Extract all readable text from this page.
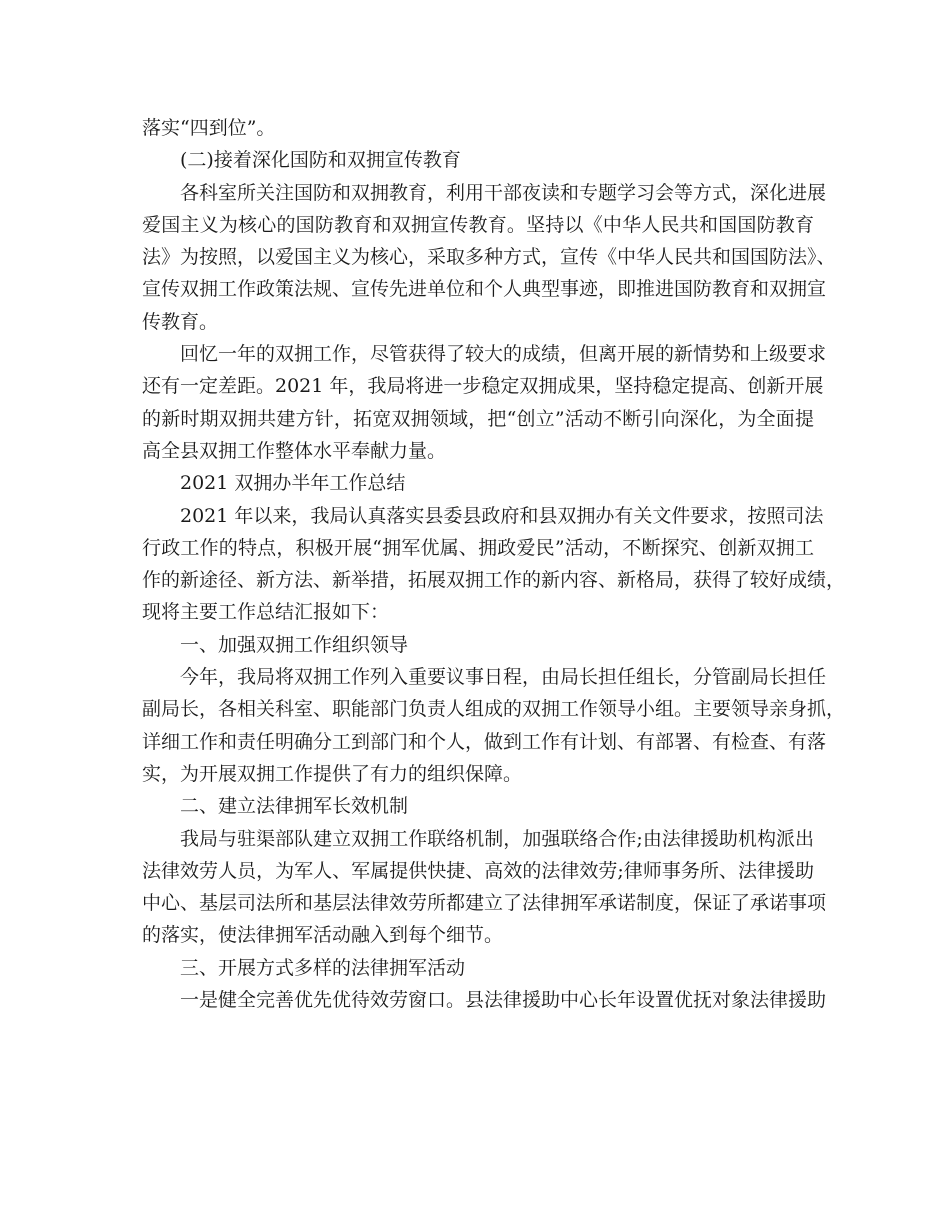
落实“四到位”。
(二)接着深化国防和双拥宣传教育
各科室所关注国防和双拥教育，利用干部夜读和专题学习会等方式，深化进展
爱国主义为核心的国防教育和双拥宣传教育。坚持以《中华人民共和国国防教育
法》为按照，以爱国主义为核心，采取多种方式，宣传《中华人民共和国国防法》、
宣传双拥工作政策法规、宣传先进单位和个人典型事迹，即推进国防教育和双拥宣
传教育。
回忆一年的双拥工作，尽管获得了较大的成绩，但离开展的新情势和上级要求
还有一定差距。2021 年，我局将进一步稳定双拥成果，坚持稳定提高、创新开展
的新时期双拥共建方针，拓宽双拥领域，把“创立”活动不断引向深化，为全面提
高全县双拥工作整体水平奉献力量。
2021 双拥办半年工作总结
2021 年以来，我局认真落实县委县政府和县双拥办有关文件要求，按照司法
行政工作的特点，积极开展“拥军优属、拥政爱民”活动，不断探究、创新双拥工
作的新途径、新方法、新举措，拓展双拥工作的新内容、新格局，获得了较好成绩，
现将主要工作总结汇报如下：
一、加强双拥工作组织领导
今年，我局将双拥工作列入重要议事日程，由局长担任组长，分管副局长担任
副局长，各相关科室、职能部门负责人组成的双拥工作领导小组。主要领导亲身抓，
详细工作和责任明确分工到部门和个人，做到工作有计划、有部署、有检查、有落
实，为开展双拥工作提供了有力的组织保障。
二、建立法律拥军长效机制
我局与驻渠部队建立双拥工作联络机制，加强联络合作;由法律援助机构派出
法律效劳人员，为军人、军属提供快捷、高效的法律效劳;律师事务所、法律援助
中心、基层司法所和基层法律效劳所都建立了法律拥军承诺制度，保证了承诺事项
的落实，使法律拥军活动融入到每个细节。
三、开展方式多样的法律拥军活动
一是健全完善优先优待效劳窗口。县法律援助中心长年设置优抚对象法律援助
